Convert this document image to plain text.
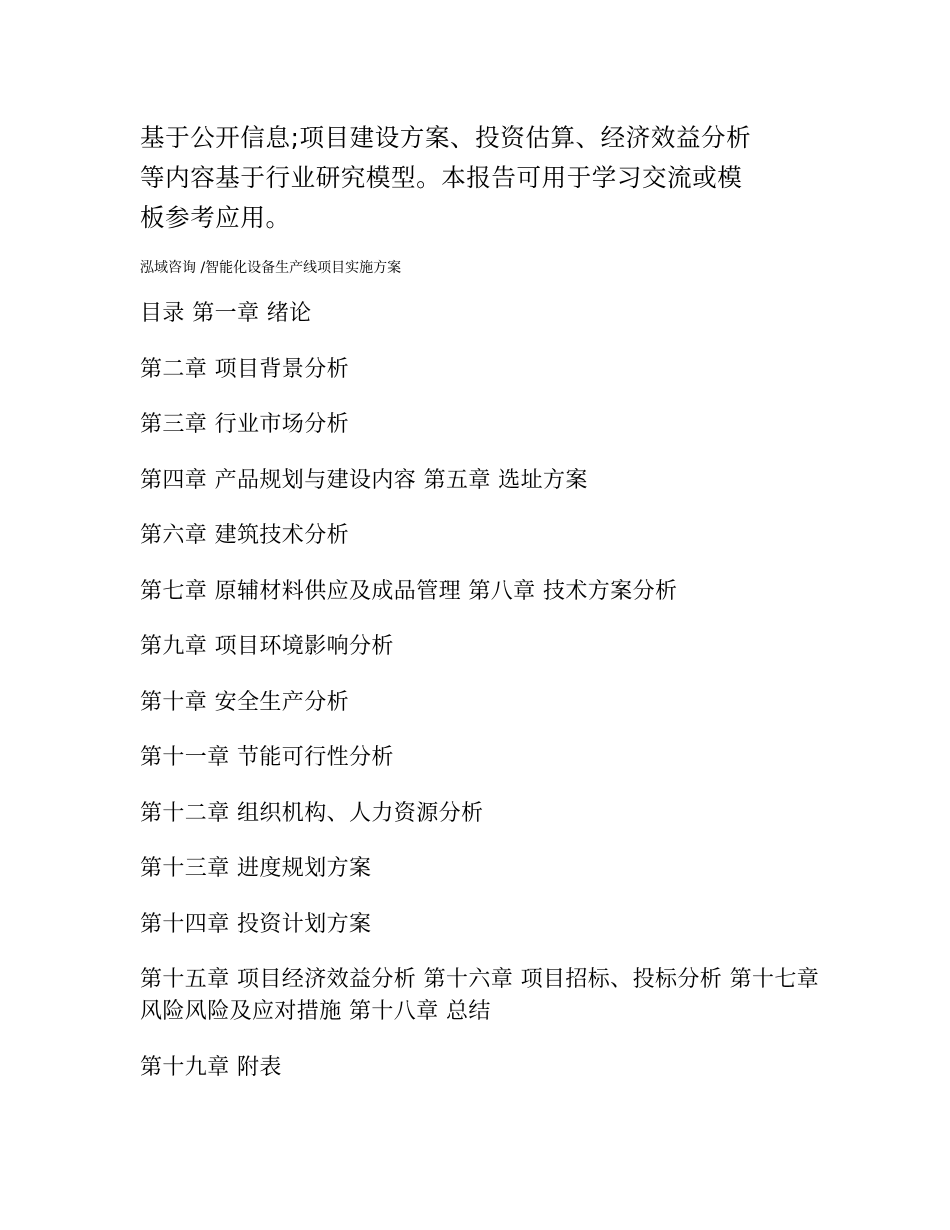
基于公开信息;项目建设方案、投资估算、经济效益分析
等内容基于行业研究模型。本报告可用于学习交流或模
板参考应用。

泓域咨询 /智能化设备生产线项目实施方案
目录 第一章 绪论
第二章 项目背景分析
第三章 行业市场分析
第四章 产品规划与建设内容 第五章 选址方案
第六章 建筑技术分析
第七章 原辅材料供应及成品管理 第八章 技术方案分析
第九章 项目环境影响分析
第十章 安全生产分析
第十一章 节能可行性分析
第十二章 组织机构、人力资源分析
第十三章 进度规划方案
第十四章 投资计划方案
第十五章 项目经济效益分析 第十六章 项目招标、投标分析 第十七章 风险风险及应对措施 第十八章 总结
第十九章 附表
